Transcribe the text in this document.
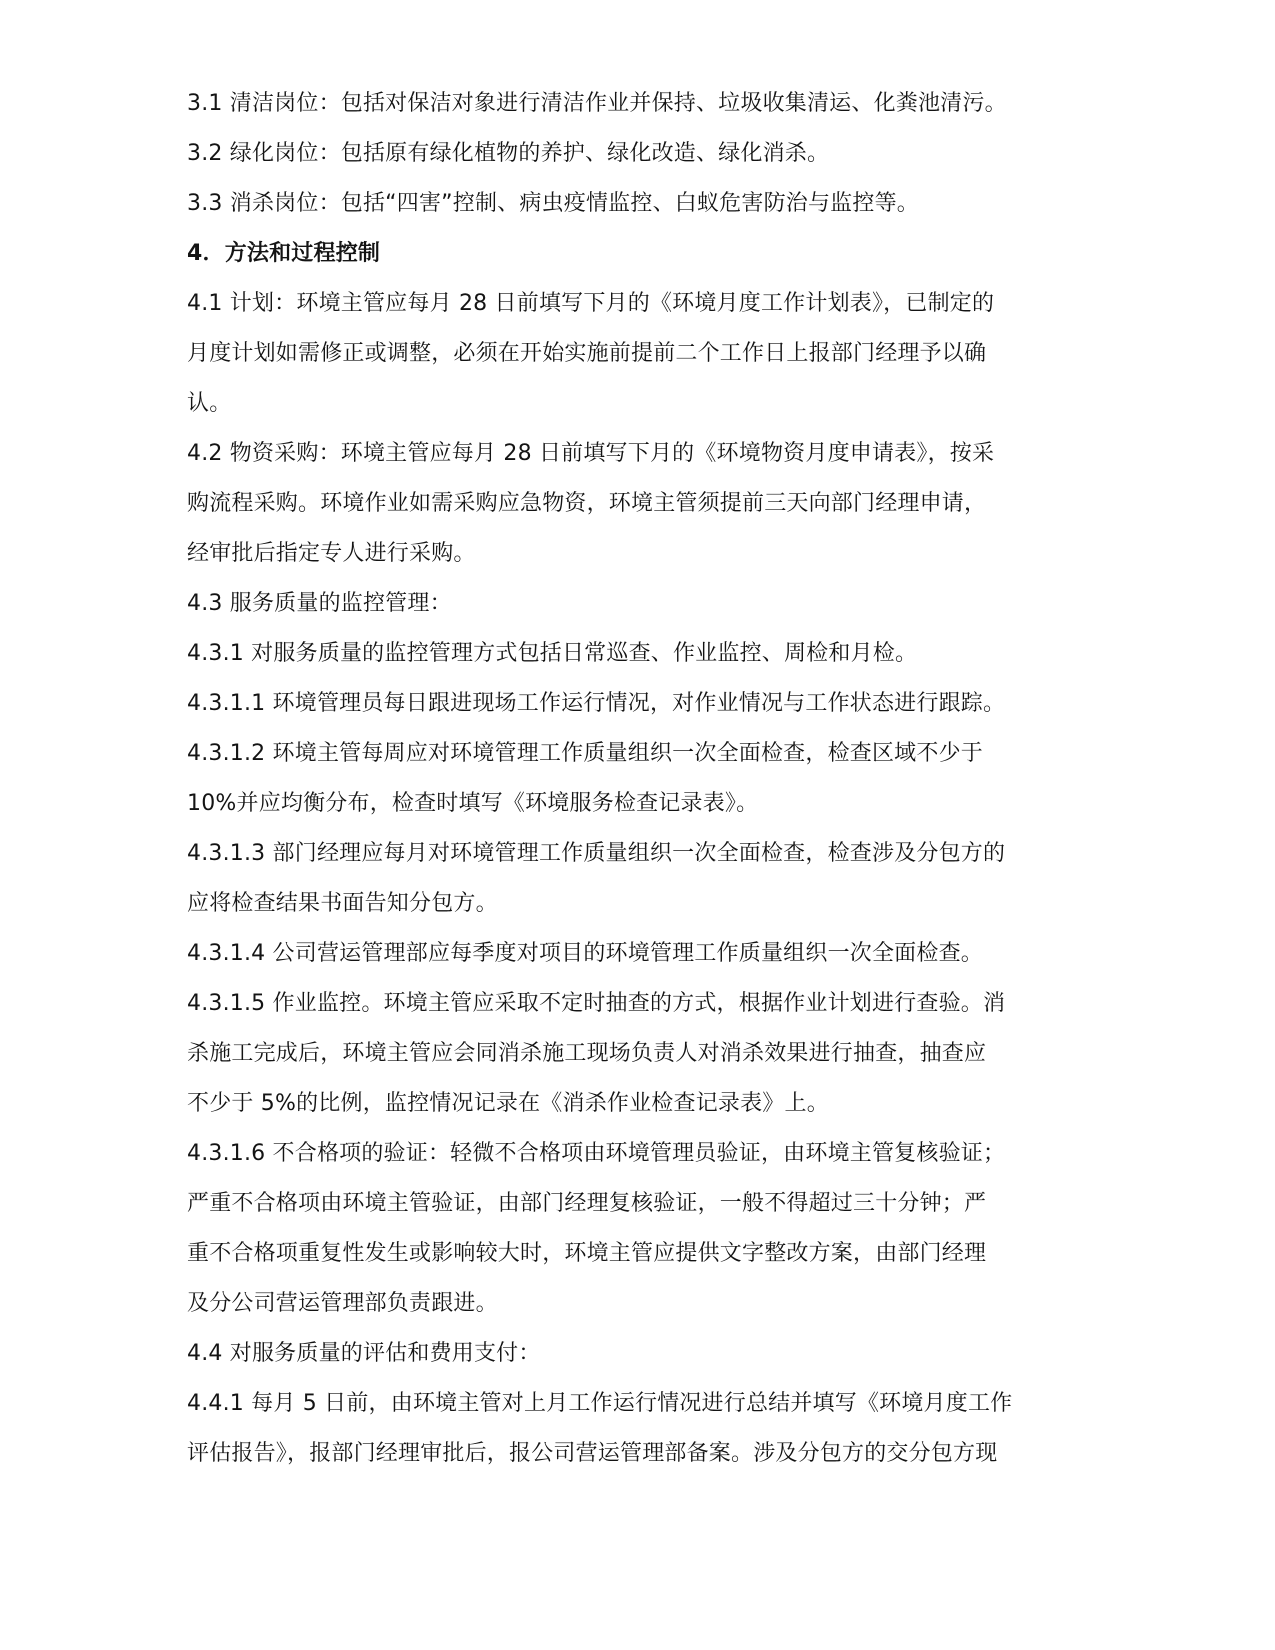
3.1 清洁岗位：包括对保洁对象进行清洁作业并保持、垃圾收集清运、化粪池清污。
3.2 绿化岗位：包括原有绿化植物的养护、绿化改造、绿化消杀。
3.3 消杀岗位：包括“四害”控制、病虫疫情监控、白蚁危害防治与监控等。
4．方法和过程控制
4.1 计划：环境主管应每月 28 日前填写下月的《环境月度工作计划表》，已制定的
月度计划如需修正或调整，必须在开始实施前提前二个工作日上报部门经理予以确
认。
4.2 物资采购：环境主管应每月 28 日前填写下月的《环境物资月度申请表》，按采
购流程采购。环境作业如需采购应急物资，环境主管须提前三天向部门经理申请，
经审批后指定专人进行采购。
4.3 服务质量的监控管理：
4.3.1 对服务质量的监控管理方式包括日常巡查、作业监控、周检和月检。
4.3.1.1 环境管理员每日跟进现场工作运行情况，对作业情况与工作状态进行跟踪。
4.3.1.2 环境主管每周应对环境管理工作质量组织一次全面检查，检查区域不少于
10%并应均衡分布，检查时填写《环境服务检查记录表》。
4.3.1.3 部门经理应每月对环境管理工作质量组织一次全面检查，检查涉及分包方的
应将检查结果书面告知分包方。
4.3.1.4 公司营运管理部应每季度对项目的环境管理工作质量组织一次全面检查。
4.3.1.5 作业监控。环境主管应采取不定时抽查的方式，根据作业计划进行查验。消
杀施工完成后，环境主管应会同消杀施工现场负责人对消杀效果进行抽查，抽查应
不少于 5%的比例，监控情况记录在《消杀作业检查记录表》上。
4.3.1.6 不合格项的验证：轻微不合格项由环境管理员验证，由环境主管复核验证；
严重不合格项由环境主管验证，由部门经理复核验证，一般不得超过三十分钟；严
重不合格项重复性发生或影响较大时，环境主管应提供文字整改方案，由部门经理
及分公司营运管理部负责跟进。
4.4 对服务质量的评估和费用支付：
4.4.1 每月 5 日前，由环境主管对上月工作运行情况进行总结并填写《环境月度工作
评估报告》，报部门经理审批后，报公司营运管理部备案。涉及分包方的交分包方现
